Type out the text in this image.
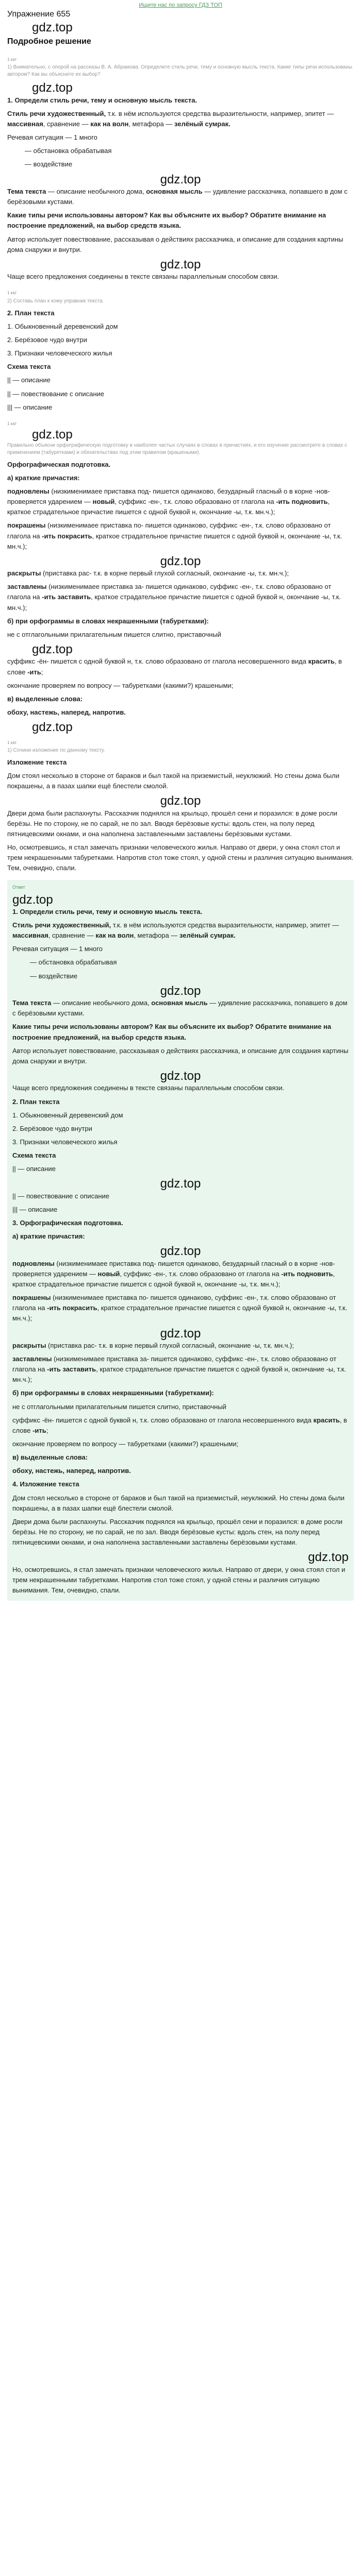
Ищите нас по запросу ГДЗ ТОП
Упражнение 655
gdz.top
Подробное решение
1 кат
1) Внимательно, с опорой на рассказы В. А. Абрамова. Определите стиль речи, тему и основную мысль текста. Какие типы речи использованы автором? Как вы объясните их выбор?
gdz.top

1. Определи стиль речи, тему и основную мысль текста.

Стиль речи художественный, т.к. в нём используются средства выразительности, например, эпитет — массивная, сравнение — как на волн, метафора — зелёный сумрак.

Речевая ситуация — 1 много

— обстановка обрабатывая

— воздействие

gdz.top

Тема текста — описание необычного дома, основная мысль — удивление рассказчика, попавшего в дом с берёзовыми кустами.

Какие типы речи использованы автором? Как вы объясните их выбор? Обратите внимание на построение предложений, на выбор средств языка.

Автор использует повествование, рассказывая о действиях рассказчика, и описание для создания картины дома снаружи и внутри.

gdz.top

Чаще всего предложения соединены в тексте связаны параллельным способом связи.

1 кат
2) Составь план к кому управник текста.

2. План текста

1. Обыкновенный деревенский дом

2. Берёзовое чудо внутри

3. Признаки человеческого жилья

Схема текста

|| — описание

|| — повествование с описание

||| — описание

1 кат
gdz.top
Правильно объясни орфографическую подготовку в наиболее частых случаях в словах в причастиях, и его изучение рассмотрите в словах с применением (табуретками) и обязательствах под этим правилом (крашеными).

Орфографическая подготовка.

а) краткие причастия:

подновлены (низкименимаее приставка под- пишется одинаково, безударный гласный о в корне -нов- проверяется ударением — новый, суффикс -ен-, т.к. слово образовано от глагола на -ить подновить, краткое страдательное причастие пишется с одной буквой н, окончание -ы, т.к. мн.ч.);

покрашены (низкименимаее приставка по- пишется одинаково, суффикс -ен-, т.к. слово образовано от глагола на -ить покрасить, краткое страдательное причастие пишется с одной буквой н, окончание -ы, т.к. мн.ч.);

gdz.top

раскрыты (приставка рас- т.к. в корне первый глухой согласный, окончание -ы, т.к. мн.ч.);

заставлены (низкименимаее приставка за- пишется одинаково, суффикс -ен-, т.к. слово образовано от глагола на -ить заставить, краткое страдательное причастие пишется с одной буквой н, окончание -ы, т.к. мн.ч.);

б) при орфограммы в словах некрашенными (табуретками):

не с отглагольными прилагательным пишется слитно, приставочный

gdz.top

суффикс -ён- пишется с одной буквой н, т.к. слово образовано от глагола несовершенного вида красить, в слове -ить;

окончание проверяем по вопросу — табуретками (какими?) крашеными;

в) выделенные слова:

обоху, настежь, наперед, напротив.

gdz.top
1 кат
1) Сочини изложение по данному тексту.

Изложение текста

Дом стоял несколько в стороне от бараков и был такой на приземистый, неуклюжий. Но стены дома были покрашены, а в пазах шапки ещё блестели смолой.

gdz.top

Двери дома были распахнуты. Рассказчик поднялся на крыльцо, прошёл сени и поразился: в доме росли берёзы. Не по сторону, не по сарай, не по зал. Вводя берёзовые кусты: вдоль стен, на полу перед пятницевскими окнами, и она наполнена заставленными заставлены берёзовыми кустами.

Но, осмотревшись, я стал замечать признаки человеческого жилья. Направо от двери, у окна стоял стол и трем некрашенными табуретками. Напротив стол тоже стоял, у одной стены и различия ситуацию вынимания. Тем, очевидно, спали.

Ответ
gdz.top

1. Определи стиль речи, тему и основную мысль текста.

Стиль речи художественный, т.к. в нём используются средства выразительности, например, эпитет — массивная, сравнение — как на волн, метафора — зелёный сумрак.

Речевая ситуация — 1 много

— обстановка обрабатывая

— воздействие

gdz.top

Тема текста — описание необычного дома, основная мысль — удивление рассказчика, попавшего в дом с берёзовыми кустами.

Какие типы речи использованы автором? Как вы объясните их выбор? Обратите внимание на построение предложений, на выбор средств языка.

Автор использует повествование, рассказывая о действиях рассказчика, и описание для создания картины дома снаружи и внутри.

gdz.top

Чаще всего предложения соединены в тексте связаны параллельным способом связи.

2. План текста

1. Обыкновенный деревенский дом

2. Берёзовое чудо внутри

3. Признаки человеческого жилья

Схема текста

|| — описание

gdz.top

|| — повествование с описание

||| — описание

3. Орфографическая подготовка.

а) краткие причастия:

gdz.top

подновлены (низкименимаее приставка под- пишется одинаково, безударный гласный о в корне -нов- проверяется ударением — новый, суффикс -ен-, т.к. слово образовано от глагола на -ить подновить, краткое страдательное причастие пишется с одной буквой н, окончание -ы, т.к. мн.ч.);

покрашены (низкименимаее приставка по- пишется одинаково, суффикс -ен-, т.к. слово образовано от глагола на -ить покрасить, краткое страдательное причастие пишется с одной буквой н, окончание -ы, т.к. мн.ч.);

gdz.top

раскрыты (приставка рас- т.к. в корне первый глухой согласный, окончание -ы, т.к. мн.ч.);

заставлены (низкименимаее приставка за- пишется одинаково, суффикс -ен-, т.к. слово образовано от глагола на -ить заставить, краткое страдательное причастие пишется с одной буквой н, окончание -ы, т.к. мн.ч.);

б) при орфограммы в словах некрашенными (табуретками):

не с отглагольными прилагательным пишется слитно, приставочный

суффикс -ён- пишется с одной буквой н, т.к. слово образовано от глагола несовершенного вида красить, в слове -ить;

окончание проверяем по вопросу — табуретками (какими?) крашеными;

в) выделенные слова:

обоху, настежь, наперед, напротив.

4. Изложение текста

Дом стоял несколько в стороне от бараков и был такой на приземистый, неуклюжий. Но стены дома были покрашены, а в пазах шапки ещё блестели смолой.

Двери дома были распахнуты. Рассказчик поднялся на крыльцо, прошёл сени и поразился: в доме росли берёзы. Не по сторону, не по сарай, не по зал. Вводя берёзовые кусты: вдоль стен, на полу перед пятницевскими окнами, и она наполнена заставленными заставлены берёзовыми кустами.

gdz.top

Но, осмотревшись, я стал замечать признаки человеческого жилья. Направо от двери, у окна стоял стол и трем некрашенными табуретками. Напротив стол тоже стоял, у одной стены и различия ситуацию вынимания. Тем, очевидно, спали.
